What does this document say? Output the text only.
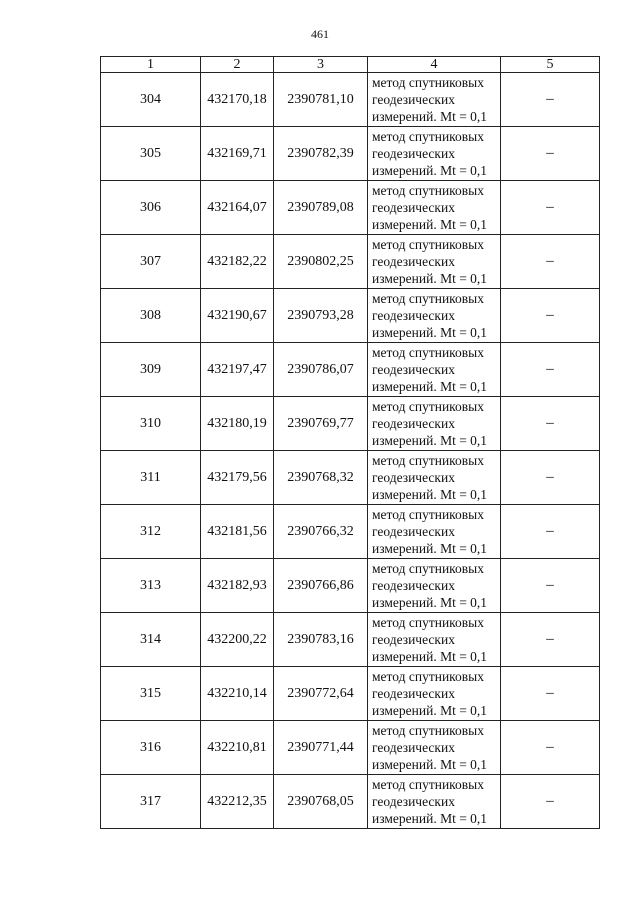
461
1	2	3	4	5
304	432170,18	2390781,10	метод спутниковых
геодезических
измерений. Mt = 0,1	–
305	432169,71	2390782,39	метод спутниковых
геодезических
измерений. Mt = 0,1	–
306	432164,07	2390789,08	метод спутниковых
геодезических
измерений. Mt = 0,1	–
307	432182,22	2390802,25	метод спутниковых
геодезических
измерений. Mt = 0,1	–
308	432190,67	2390793,28	метод спутниковых
геодезических
измерений. Mt = 0,1	–
309	432197,47	2390786,07	метод спутниковых
геодезических
измерений. Mt = 0,1	–
310	432180,19	2390769,77	метод спутниковых
геодезических
измерений. Mt = 0,1	–
311	432179,56	2390768,32	метод спутниковых
геодезических
измерений. Mt = 0,1	–
312	432181,56	2390766,32	метод спутниковых
геодезических
измерений. Mt = 0,1	–
313	432182,93	2390766,86	метод спутниковых
геодезических
измерений. Mt = 0,1	–
314	432200,22	2390783,16	метод спутниковых
геодезических
измерений. Mt = 0,1	–
315	432210,14	2390772,64	метод спутниковых
геодезических
измерений. Mt = 0,1	–
316	432210,81	2390771,44	метод спутниковых
геодезических
измерений. Mt = 0,1	–
317	432212,35	2390768,05	метод спутниковых
геодезических
измерений. Mt = 0,1	–
